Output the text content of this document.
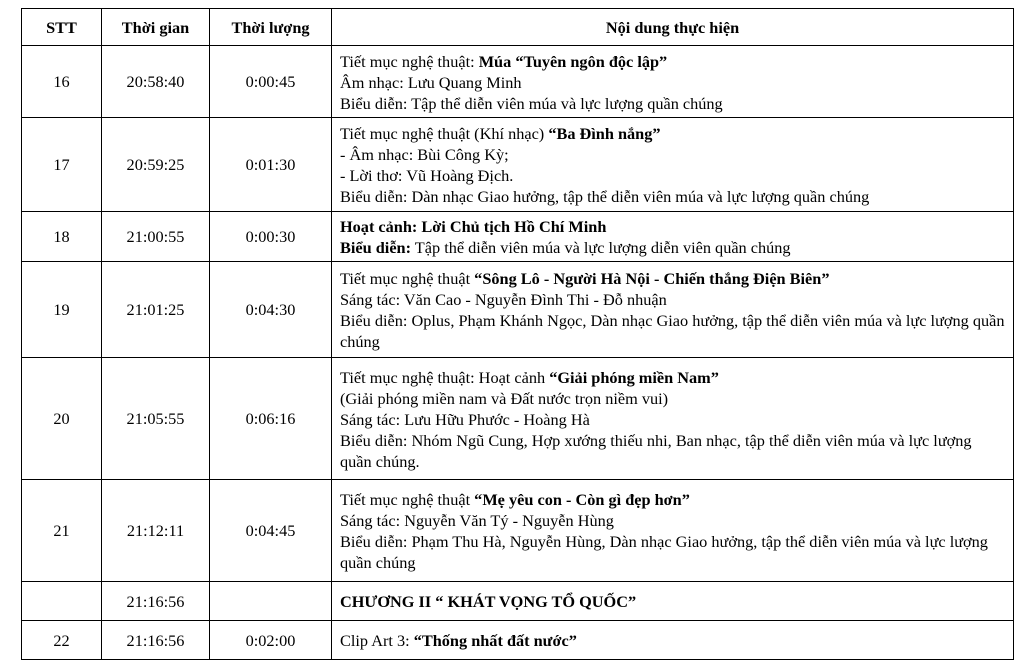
STT	Thời gian	Thời lượng	Nội dung thực hiện
16	20:58:40	0:00:45	Tiết mục nghệ thuật: Múa “Tuyên ngôn độc lập”
Âm nhạc: Lưu Quang Minh
Biểu diễn: Tập thể diễn viên múa và lực lượng quần chúng

17	20:59:25	0:01:30	Tiết mục nghệ thuật (Khí nhạc) “Ba Đình nắng”
- Âm nhạc: Bùi Công Kỳ;
- Lời thơ: Vũ Hoàng Địch.
Biểu diễn: Dàn nhạc Giao hưởng, tập thể diễn viên múa và lực lượng quần chúng

18	21:00:55	0:00:30	Hoạt cảnh: Lời Chủ tịch Hồ Chí Minh
Biểu diễn: Tập thể diễn viên múa và lực lượng diễn viên quần chúng

19	21:01:25	0:04:30	Tiết mục nghệ thuật “Sông Lô - Người Hà Nội - Chiến thắng Điện Biên”
Sáng tác: Văn Cao - Nguyễn Đình Thi - Đỗ nhuận
Biểu diễn: Oplus, Phạm Khánh Ngọc, Dàn nhạc Giao hưởng, tập thể diễn viên múa và lực lượng quần chúng

20	21:05:55	0:06:16	Tiết mục nghệ thuật: Hoạt cảnh “Giải phóng miền Nam”
(Giải phóng miền nam và Đất nước trọn niềm vui)
Sáng tác: Lưu Hữu Phước - Hoàng Hà
Biểu diễn: Nhóm Ngũ Cung, Hợp xướng thiếu nhi, Ban nhạc, tập thể diễn viên múa và lực lượng quần chúng.

21	21:12:11	0:04:45	Tiết mục nghệ thuật “Mẹ yêu con - Còn gì đẹp hơn”
Sáng tác: Nguyễn Văn Tý - Nguyễn Hùng
Biểu diễn: Phạm Thu Hà, Nguyễn Hùng, Dàn nhạc Giao hưởng, tập thể diễn viên múa và lực lượng quần chúng

	21:16:56		CHƯƠNG II “ KHÁT VỌNG TỔ QUỐC”

22	21:16:56	0:02:00	Clip Art 3: “Thống nhất đất nước”
